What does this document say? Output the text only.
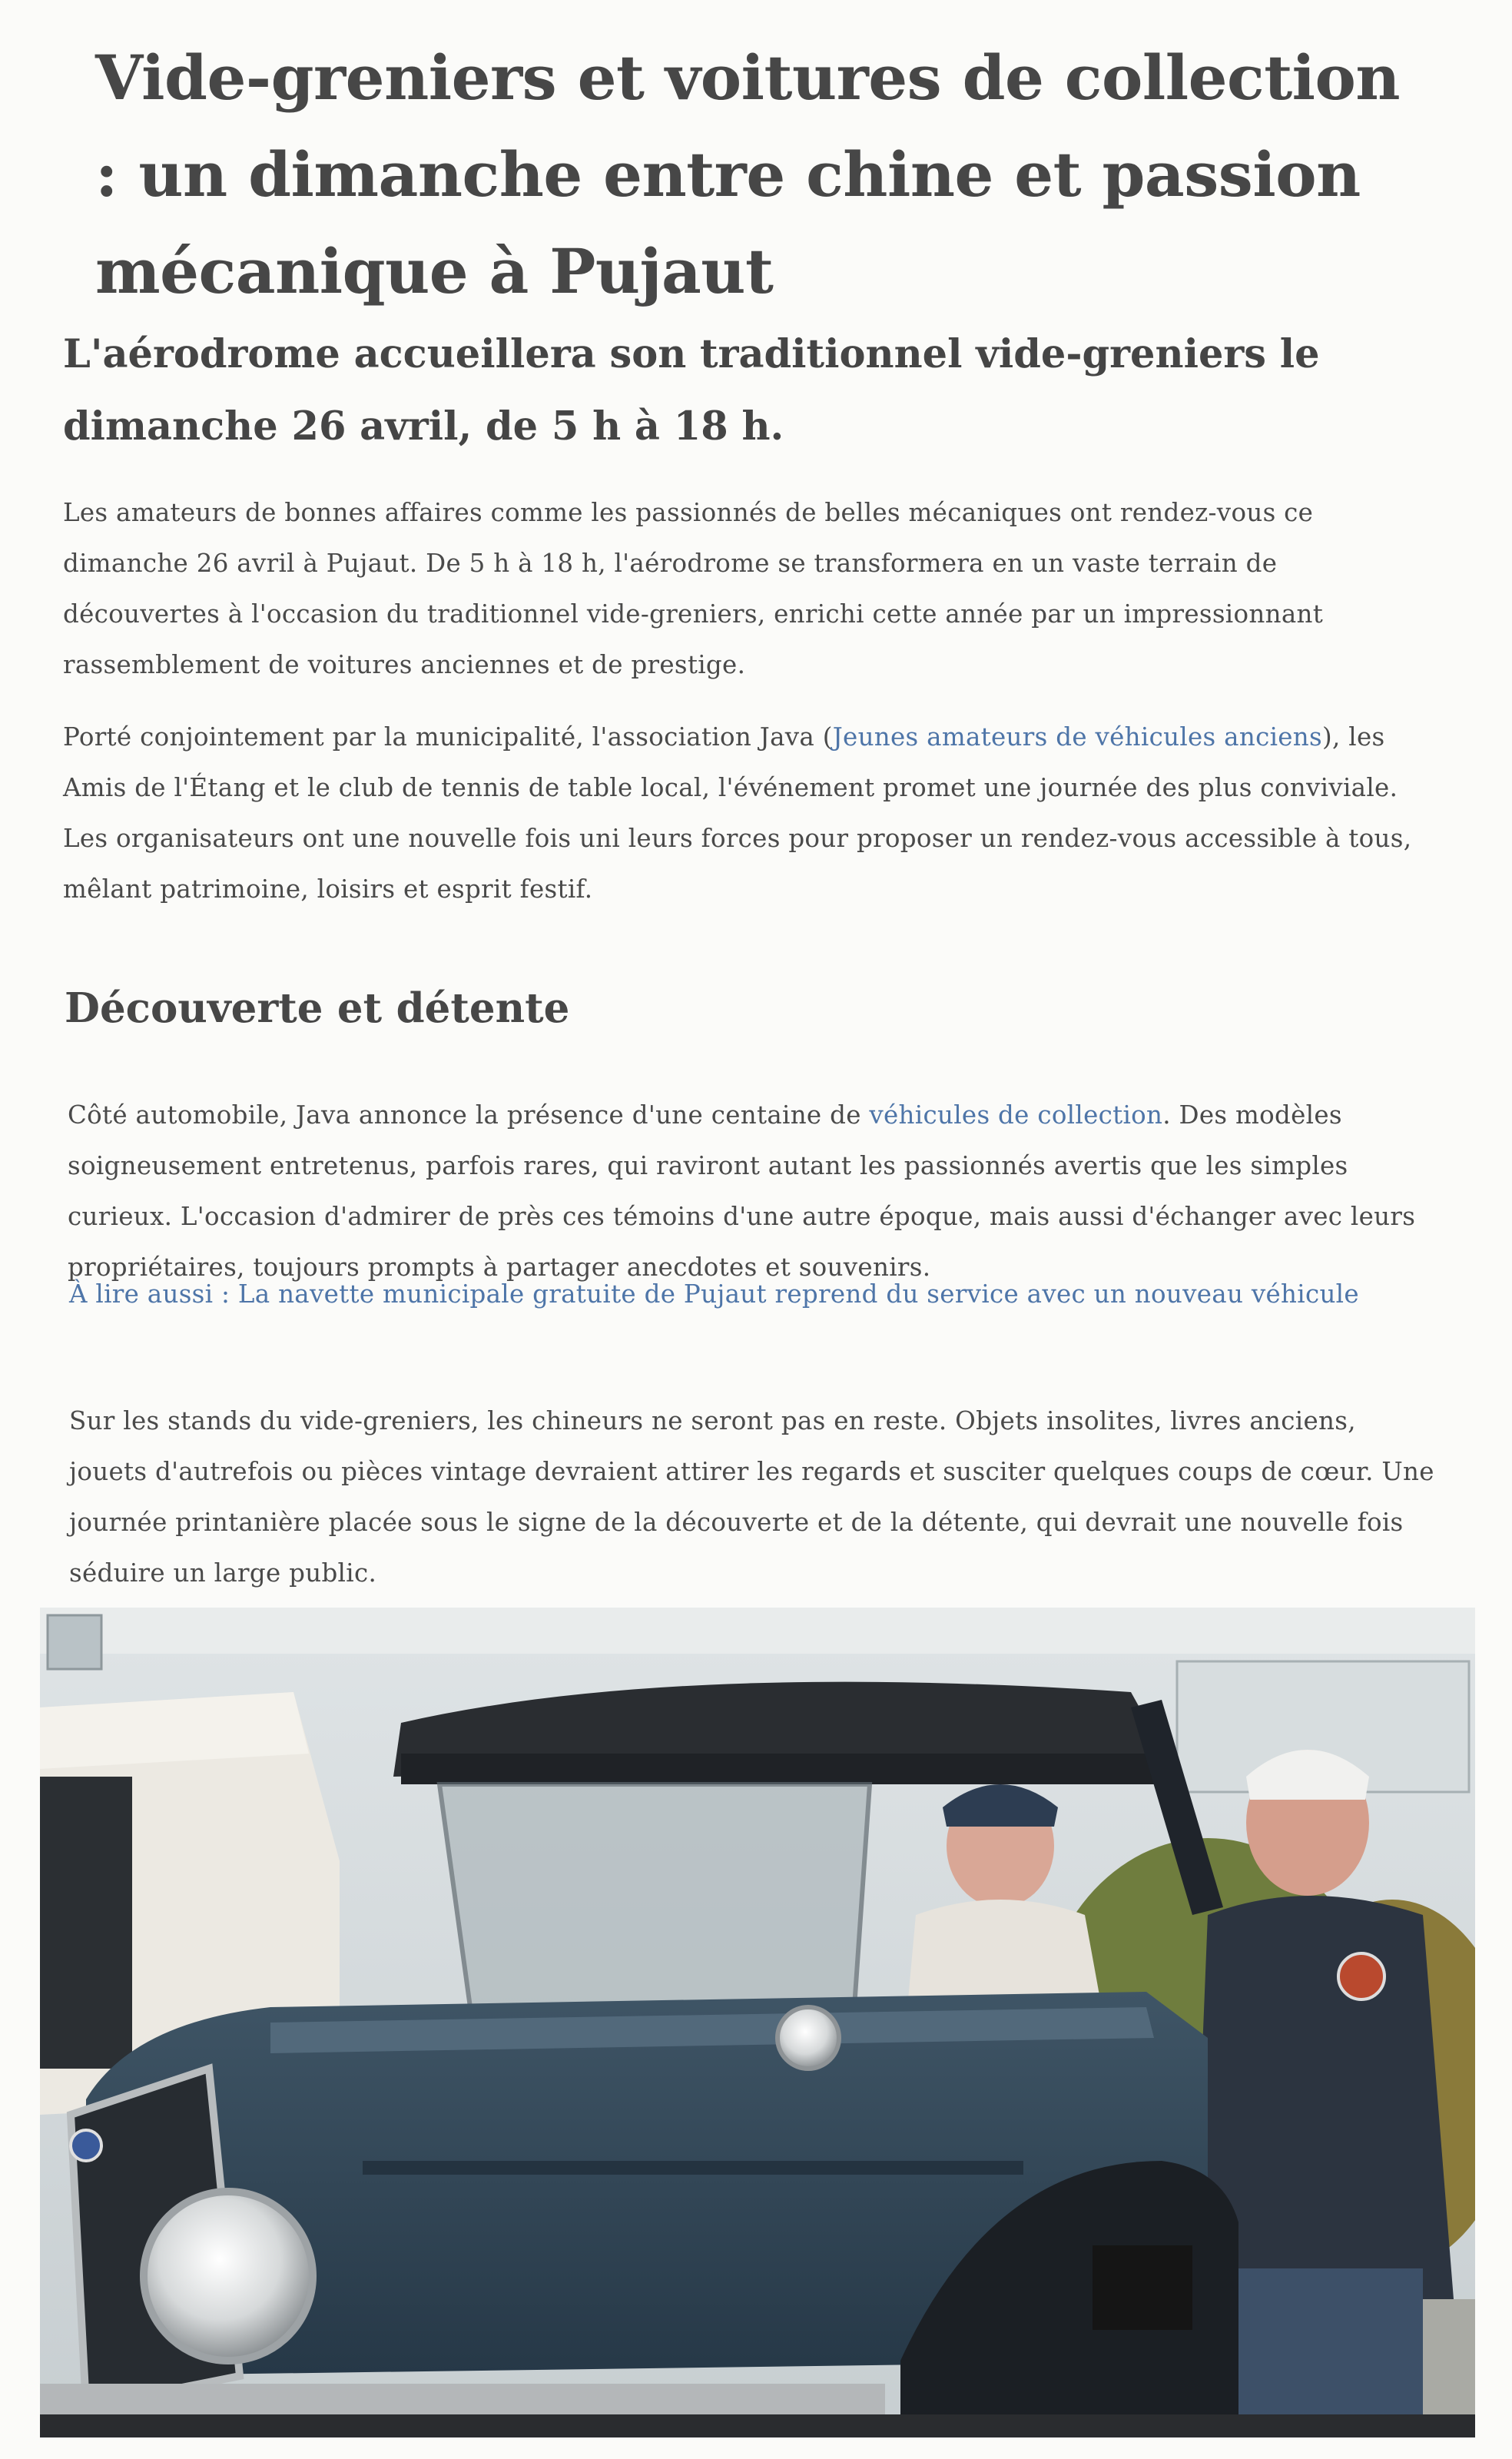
Vide-greniers et voitures de collection : un dimanche entre chine et passion mécanique à Pujaut
L'aérodrome accueillera son traditionnel vide-greniers le dimanche 26 avril, de 5 h à 18 h.

Les amateurs de bonnes affaires comme les passionnés de belles mécaniques ont rendez-vous ce dimanche 26 avril à Pujaut. De 5 h à 18 h, l'aérodrome se transformera en un vaste terrain de découvertes à l'occasion du traditionnel vide-greniers, enrichi cette année par un impressionnant rassemblement de voitures anciennes et de prestige.

Porté conjointement par la municipalité, l'association Java (Jeunes amateurs de véhicules anciens), les Amis de l'Étang et le club de tennis de table local, l'événement promet une journée des plus conviviale. Les organisateurs ont une nouvelle fois uni leurs forces pour proposer un rendez-vous accessible à tous, mêlant patrimoine, loisirs et esprit festif.

Découverte et détente

Côté automobile, Java annonce la présence d'une centaine de véhicules de collection. Des modèles soigneusement entretenus, parfois rares, qui raviront autant les passionnés avertis que les simples curieux. L'occasion d'admirer de près ces témoins d'une autre époque, mais aussi d'échanger avec leurs propriétaires, toujours prompts à partager anecdotes et souvenirs.

À lire aussi : La navette municipale gratuite de Pujaut reprend du service avec un nouveau véhicule

Sur les stands du vide-greniers, les chineurs ne seront pas en reste. Objets insolites, livres anciens, jouets d'autrefois ou pièces vintage devraient attirer les regards et susciter quelques coups de cœur. Une journée printanière placée sous le signe de la découverte et de la détente, qui devrait une nouvelle fois séduire un large public.
